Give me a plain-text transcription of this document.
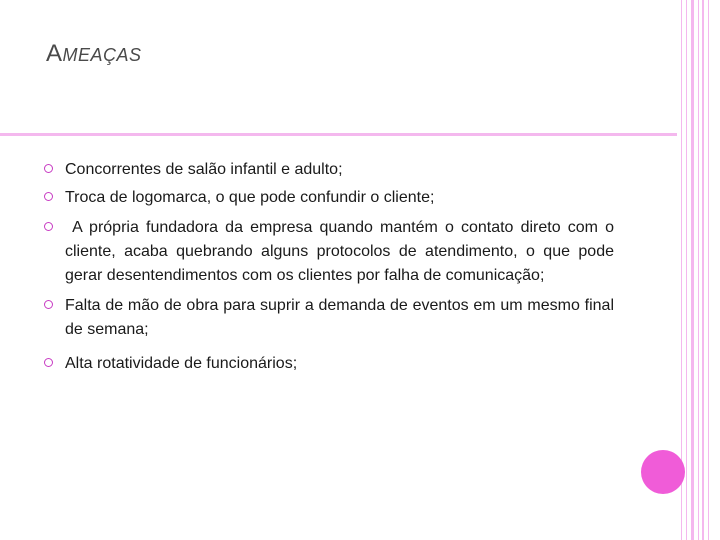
AMEAÇAS
Concorrentes de salão infantil e adulto;
Troca de logomarca, o que pode confundir o cliente;
A própria fundadora da empresa quando mantém o contato direto com o cliente, acaba quebrando alguns protocolos de atendimento, o que pode gerar desentendimentos com os clientes por falha de comunicação;
Falta de mão de obra para suprir a demanda de eventos em um mesmo final de semana;
Alta rotatividade de funcionários;
